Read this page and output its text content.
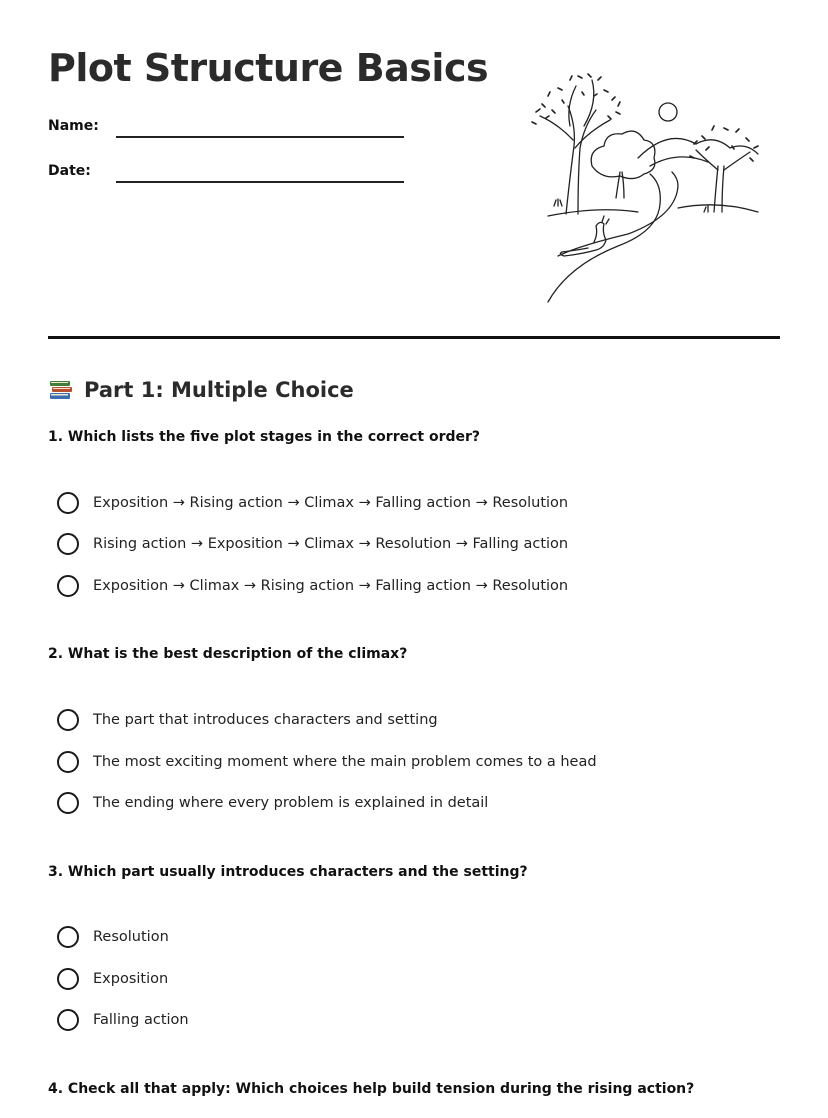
Plot Structure Basics
Name:
Date:
Part 1: Multiple Choice
1. Which lists the five plot stages in the correct order?
Exposition → Rising action → Climax → Falling action → Resolution
Rising action → Exposition → Climax → Resolution → Falling action
Exposition → Climax → Rising action → Falling action → Resolution
2. What is the best description of the climax?
The part that introduces characters and setting
The most exciting moment where the main problem comes to a head
The ending where every problem is explained in detail
3. Which part usually introduces characters and the setting?
Resolution
Exposition
Falling action
4. Check all that apply: Which choices help build tension during the rising action?
